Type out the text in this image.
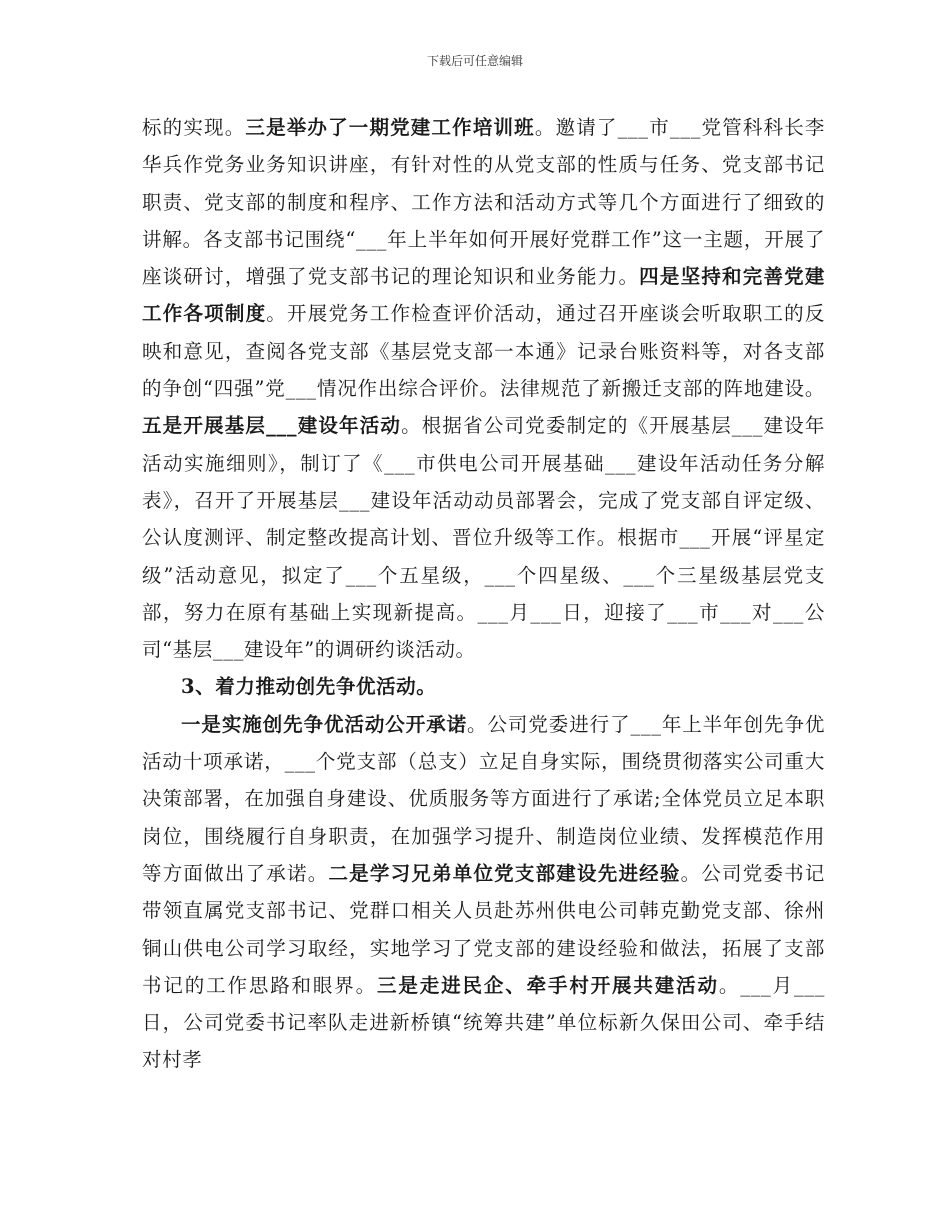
下载后可任意编辑

标的实现。三是举办了一期党建工作培训班。邀请了___市___党管科科长李华兵作党务业务知识讲座，有针对性的从党支部的性质与任务、党支部书记职责、党支部的制度和程序、工作方法和活动方式等几个方面进行了细致的讲解。各支部书记围绕“___年上半年如何开展好党群工作”这一主题，开展了座谈研讨，增强了党支部书记的理论知识和业务能力。四是坚持和完善党建工作各项制度。开展党务工作检查评价活动，通过召开座谈会听取职工的反映和意见，查阅各党支部《基层党支部一本通》记录台账资料等，对各支部的争创“四强”党___情况作出综合评价。法律规范了新搬迁支部的阵地建设。五是开展基层___建设年活动。根据省公司党委制定的《开展基层___建设年活动实施细则》，制订了《___市供电公司开展基础___建设年活动任务分解表》，召开了开展基层___建设年活动动员部署会，完成了党支部自评定级、公认度测评、制定整改提高计划、晋位升级等工作。根据市___开展“评星定级”活动意见，拟定了___个五星级，___个四星级、___个三星级基层党支部，努力在原有基础上实现新提高。___月___日，迎接了___市___对___公司“基层___建设年”的调研约谈活动。

3、着力推动创先争优活动。

一是实施创先争优活动公开承诺。公司党委进行了___年上半年创先争优活动十项承诺，___个党支部（总支）立足自身实际，围绕贯彻落实公司重大决策部署，在加强自身建设、优质服务等方面进行了承诺;全体党员立足本职岗位，围绕履行自身职责，在加强学习提升、制造岗位业绩、发挥模范作用等方面做出了承诺。二是学习兄弟单位党支部建设先进经验。公司党委书记带领直属党支部书记、党群口相关人员赴苏州供电公司韩克勤党支部、徐州铜山供电公司学习取经，实地学习了党支部的建设经验和做法，拓展了支部书记的工作思路和眼界。三是走进民企、牵手村开展共建活动。___月___日，公司党委书记率队走进新桥镇“统筹共建”单位标新久保田公司、牵手结对村孝
